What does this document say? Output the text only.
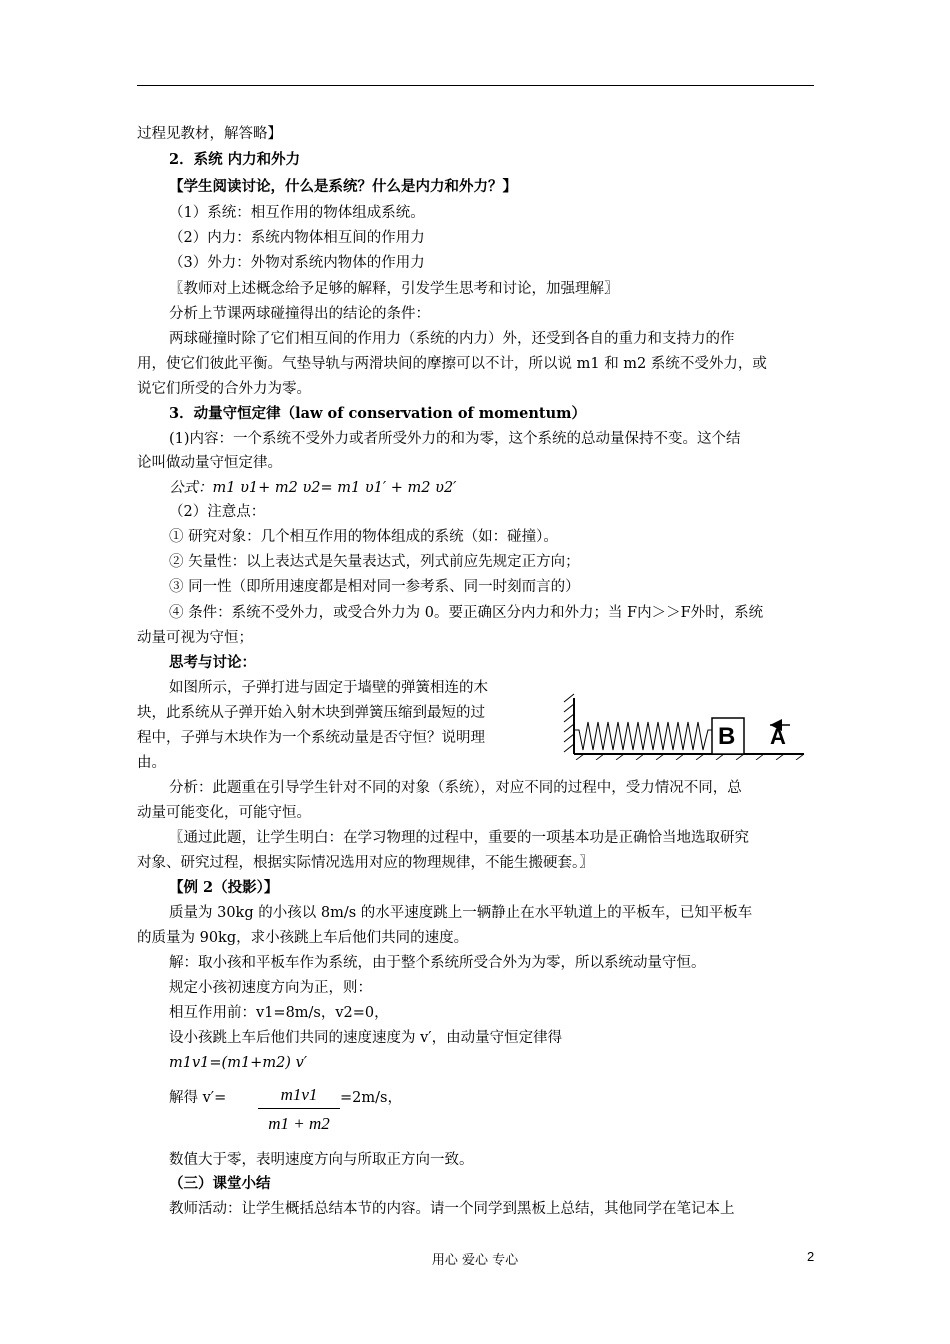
过程见教材，解答略】
2．系统 内力和外力
【学生阅读讨论，什么是系统？什么是内力和外力？】
（1）系统：相互作用的物体组成系统。
（2）内力：系统内物体相互间的作用力
（3）外力：外物对系统内物体的作用力
〖教师对上述概念给予足够的解释，引发学生思考和讨论，加强理解〗
分析上节课两球碰撞得出的结论的条件：
两球碰撞时除了它们相互间的作用力（系统的内力）外，还受到各自的重力和支持力的作
用，使它们彼此平衡。气垫导轨与两滑块间的摩擦可以不计，所以说 m1 和 m2 系统不受外力，或
说它们所受的合外力为零。
3．动量守恒定律（law of conservation of momentum）
(1)内容：一个系统不受外力或者所受外力的和为零，这个系统的总动量保持不变。这个结
论叫做动量守恒定律。
公式：m1 υ1+ m2 υ2= m1 υ1′ + m2 υ2′
（2）注意点：
① 研究对象：几个相互作用的物体组成的系统（如：碰撞）。
② 矢量性：以上表达式是矢量表达式，列式前应先规定正方向；
③ 同一性（即所用速度都是相对同一参考系、同一时刻而言的）
④ 条件：系统不受外力，或受合外力为 0。要正确区分内力和外力；当 F内＞＞F外时，系统
动量可视为守恒；
思考与讨论：
如图所示，子弹打进与固定于墙壁的弹簧相连的木
块，此系统从子弹开始入射木块到弹簧压缩到最短的过
程中，子弹与木块作为一个系统动量是否守恒？说明理
由。
B A
分析：此题重在引导学生针对不同的对象（系统），对应不同的过程中，受力情况不同，总
动量可能变化，可能守恒。
〖通过此题，让学生明白：在学习物理的过程中，重要的一项基本功是正确恰当地选取研究
对象、研究过程，根据实际情况选用对应的物理规律，不能生搬硬套。〗
【例 2（投影）】
质量为 30kg 的小孩以 8m/s 的水平速度跳上一辆静止在水平轨道上的平板车，已知平板车
的质量为 90kg，求小孩跳上车后他们共同的速度。
解：取小孩和平板车作为系统，由于整个系统所受合外为为零，所以系统动量守恒。
规定小孩初速度方向为正，则：
相互作用前：v1=8m/s，v2=0，
设小孩跳上车后他们共同的速度速度为 v′，由动量守恒定律得
m1v1=(m1+m2) v′
解得 $v'= \frac{m1v1}{m1 + m2} =2m/s$，
数值大于零，表明速度方向与所取正方向一致。
（三）课堂小结
教师活动：让学生概括总结本节的内容。请一个同学到黑板上总结，其他同学在笔记本上
用心 爱心 专心	2
